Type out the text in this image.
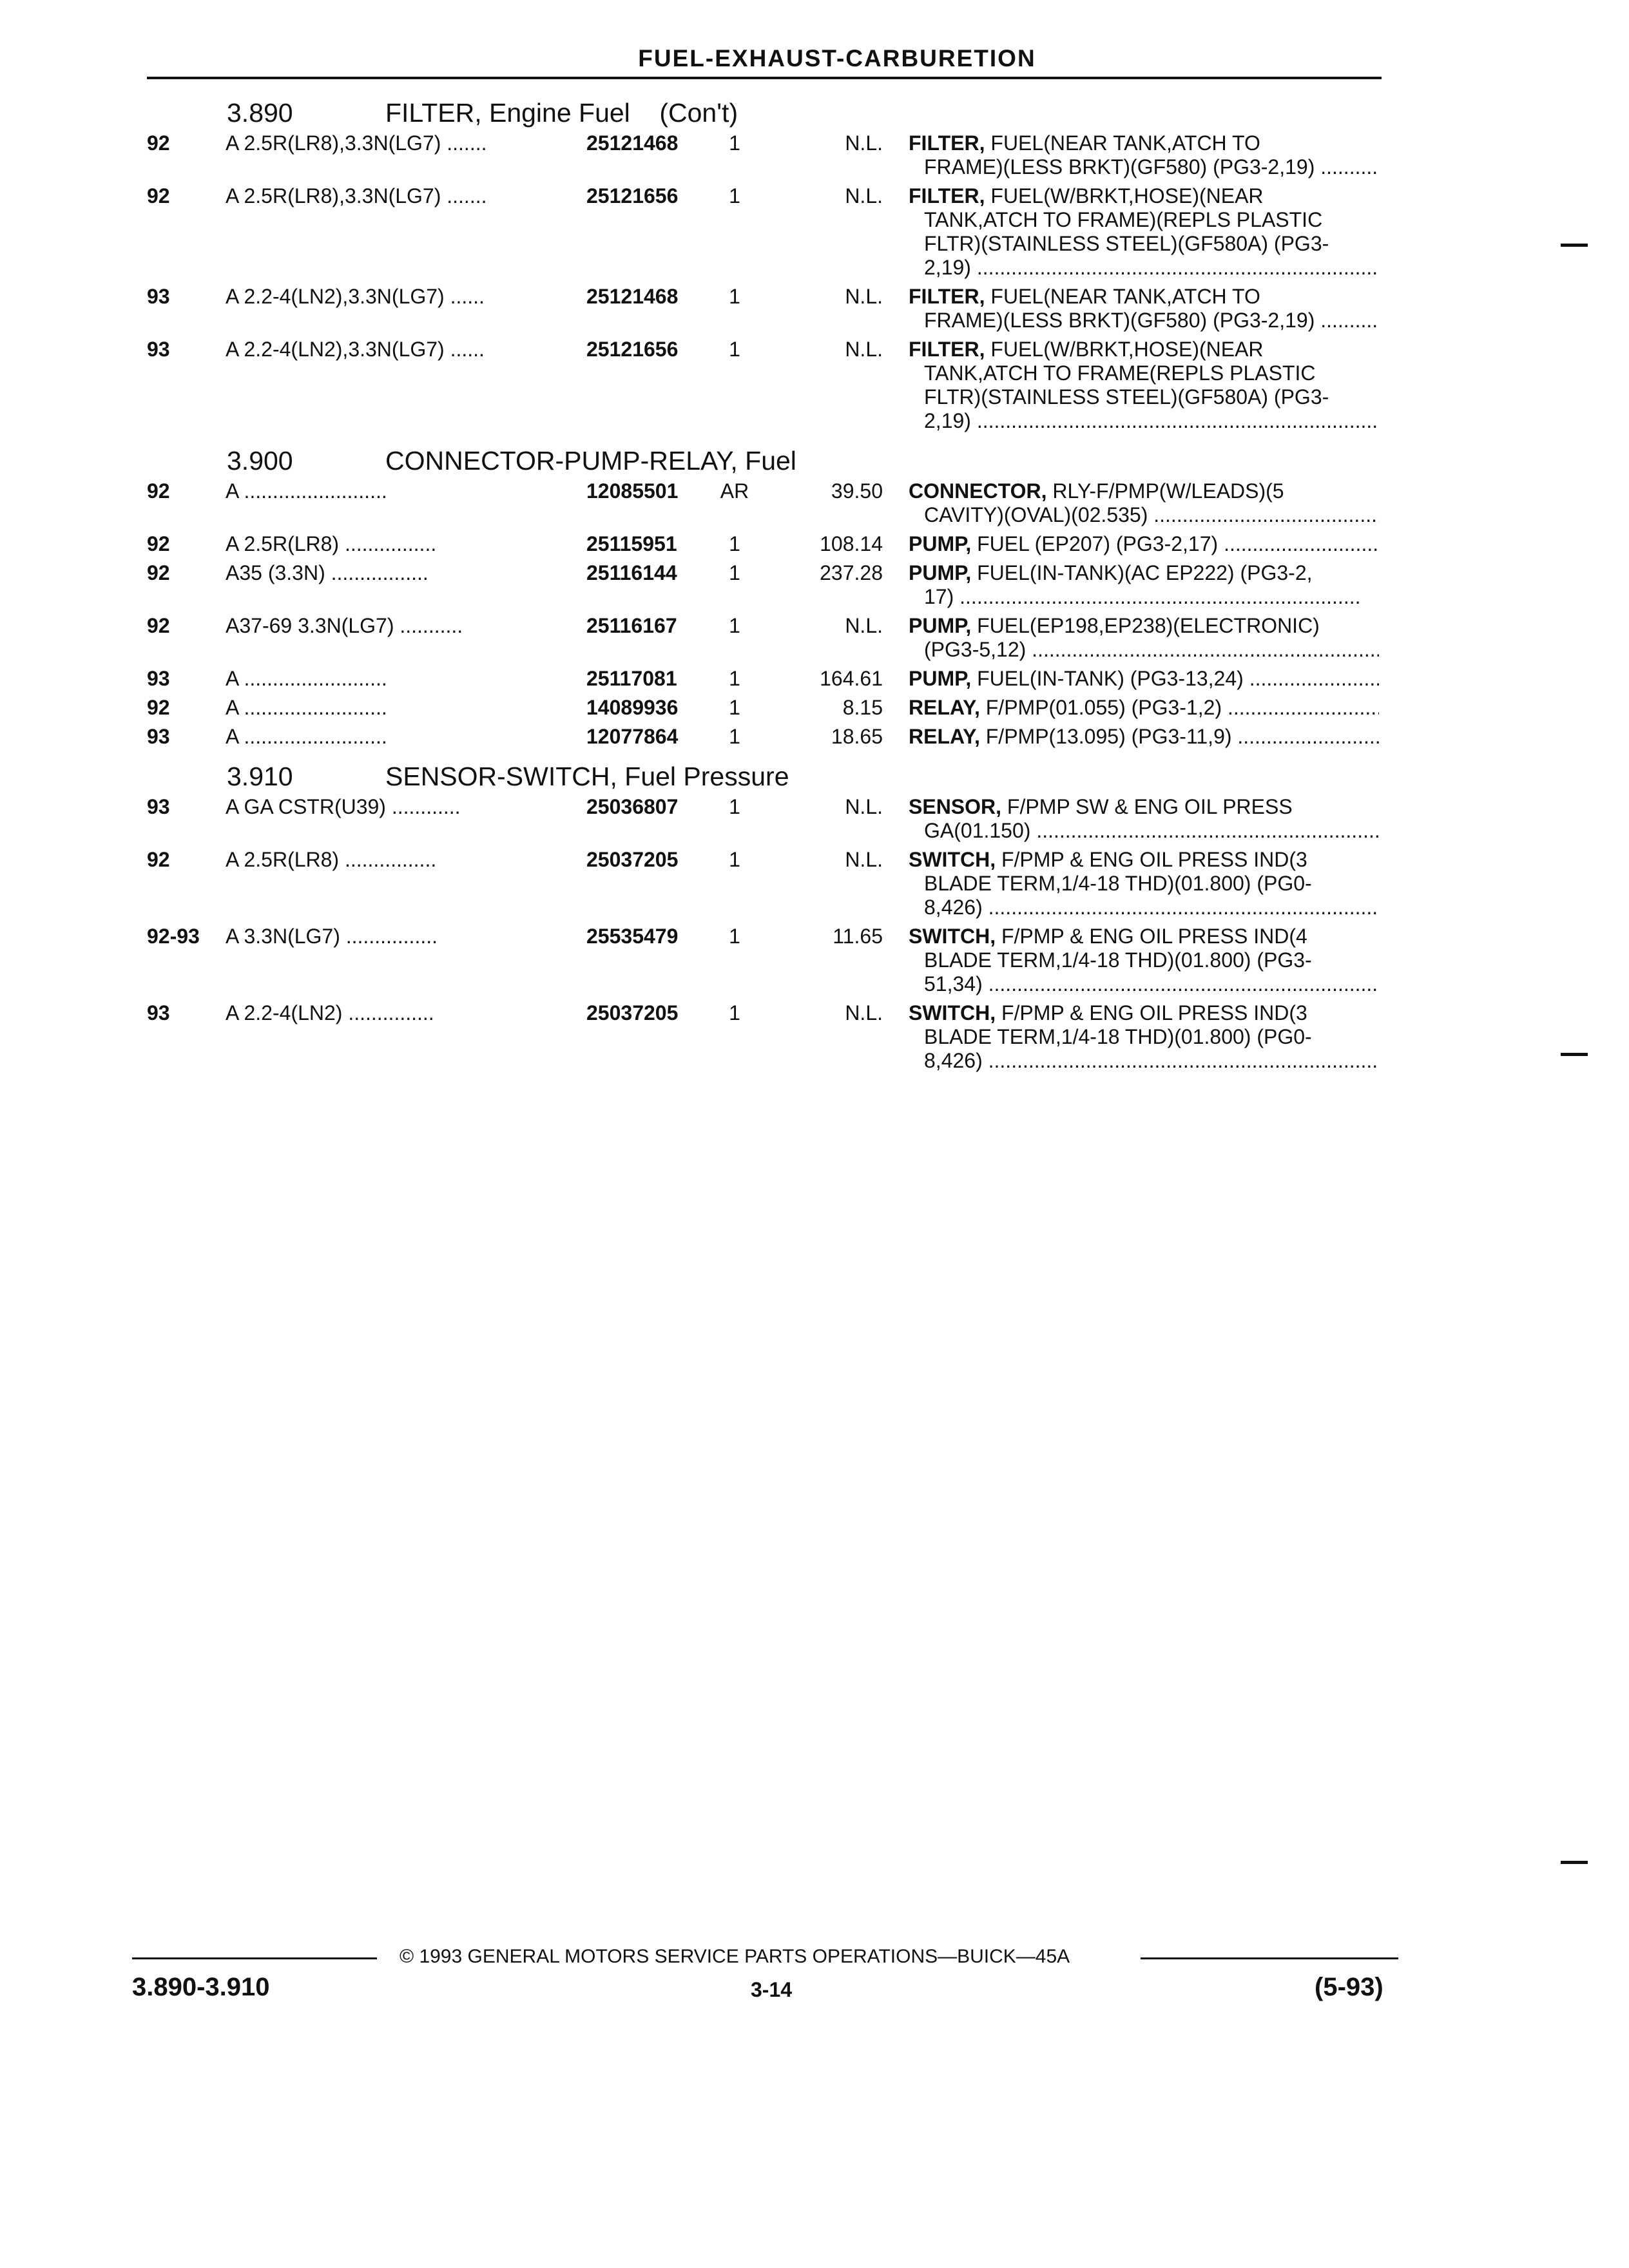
FUEL-EXHAUST-CARBURETION
3.890	FILTER, Engine Fuel    (Con't)
92	A 2.5R(LR8),3.3N(LG7) .......	25121468	1	N.L. FILTER, FUEL(NEAR TANK,ATCH TO
FRAME)(LESS BRKT)(GF580) (PG3-2,19) .....
92	A 2.5R(LR8),3.3N(LG7) .......	25121656	1	N.L. FILTER, FUEL(W/BRKT,HOSE)(NEAR
TANK,ATCH TO FRAME)(REPLS PLASTIC
FLTR)(STAINLESS STEEL)(GF580A) (PG3-
2,19) .....
93	A 2.2-4(LN2),3.3N(LG7) ......	25121468	1	N.L. FILTER, FUEL(NEAR TANK,ATCH TO
FRAME)(LESS BRKT)(GF580) (PG3-2,19) .....
93	A 2.2-4(LN2),3.3N(LG7) ......	25121656	1	N.L. FILTER, FUEL(W/BRKT,HOSE)(NEAR
TANK,ATCH TO FRAME(REPLS PLASTIC
FLTR)(STAINLESS STEEL)(GF580A) (PG3-
2,19) .....
3.900	CONNECTOR-PUMP-RELAY, Fuel
92	A .........................	12085501	AR	39.50 CONNECTOR, RLY-F/PMP(W/LEADS)(5
CAVITY)(OVAL)(02.535) .....
92	A 2.5R(LR8) ................	25115951	1	108.14 PUMP, FUEL (EP207) (PG3-2,17) .....
92	A35 (3.3N) .................	25116144	1	237.28 PUMP, FUEL(IN-TANK)(AC EP222) (PG3-2,
17) .....
92	A37-69 3.3N(LG7) ...........	25116167	1	N.L. PUMP, FUEL(EP198,EP238)(ELECTRONIC)
(PG3-5,12) .....
93	A .........................	25117081	1	164.61 PUMP, FUEL(IN-TANK) (PG3-13,24) .....
92	A .........................	14089936	1	8.15 RELAY, F/PMP(01.055) (PG3-1,2) .....
93	A .........................	12077864	1	18.65 RELAY, F/PMP(13.095) (PG3-11,9) .....
3.910	SENSOR-SWITCH, Fuel Pressure
93	A GA CSTR(U39) ............	25036807	1	N.L. SENSOR, F/PMP SW & ENG OIL PRESS
GA(01.150) .....
92	A 2.5R(LR8) ................	25037205	1	N.L. SWITCH, F/PMP & ENG OIL PRESS IND(3
BLADE TERM,1/4-18 THD)(01.800) (PG0-
8,426) .....
92-93 A 3.3N(LG7) ................	25535479	1	11.65 SWITCH, F/PMP & ENG OIL PRESS IND(4
BLADE TERM,1/4-18 THD)(01.800) (PG3-
51,34) .....
93	A 2.2-4(LN2) ...............	25037205	1	N.L. SWITCH, F/PMP & ENG OIL PRESS IND(3
BLADE TERM,1/4-18 THD)(01.800) (PG0-
8,426) .....
© 1993 GENERAL MOTORS SERVICE PARTS OPERATIONS—BUICK—45A
3.890-3.910	3-14	(5-93)
